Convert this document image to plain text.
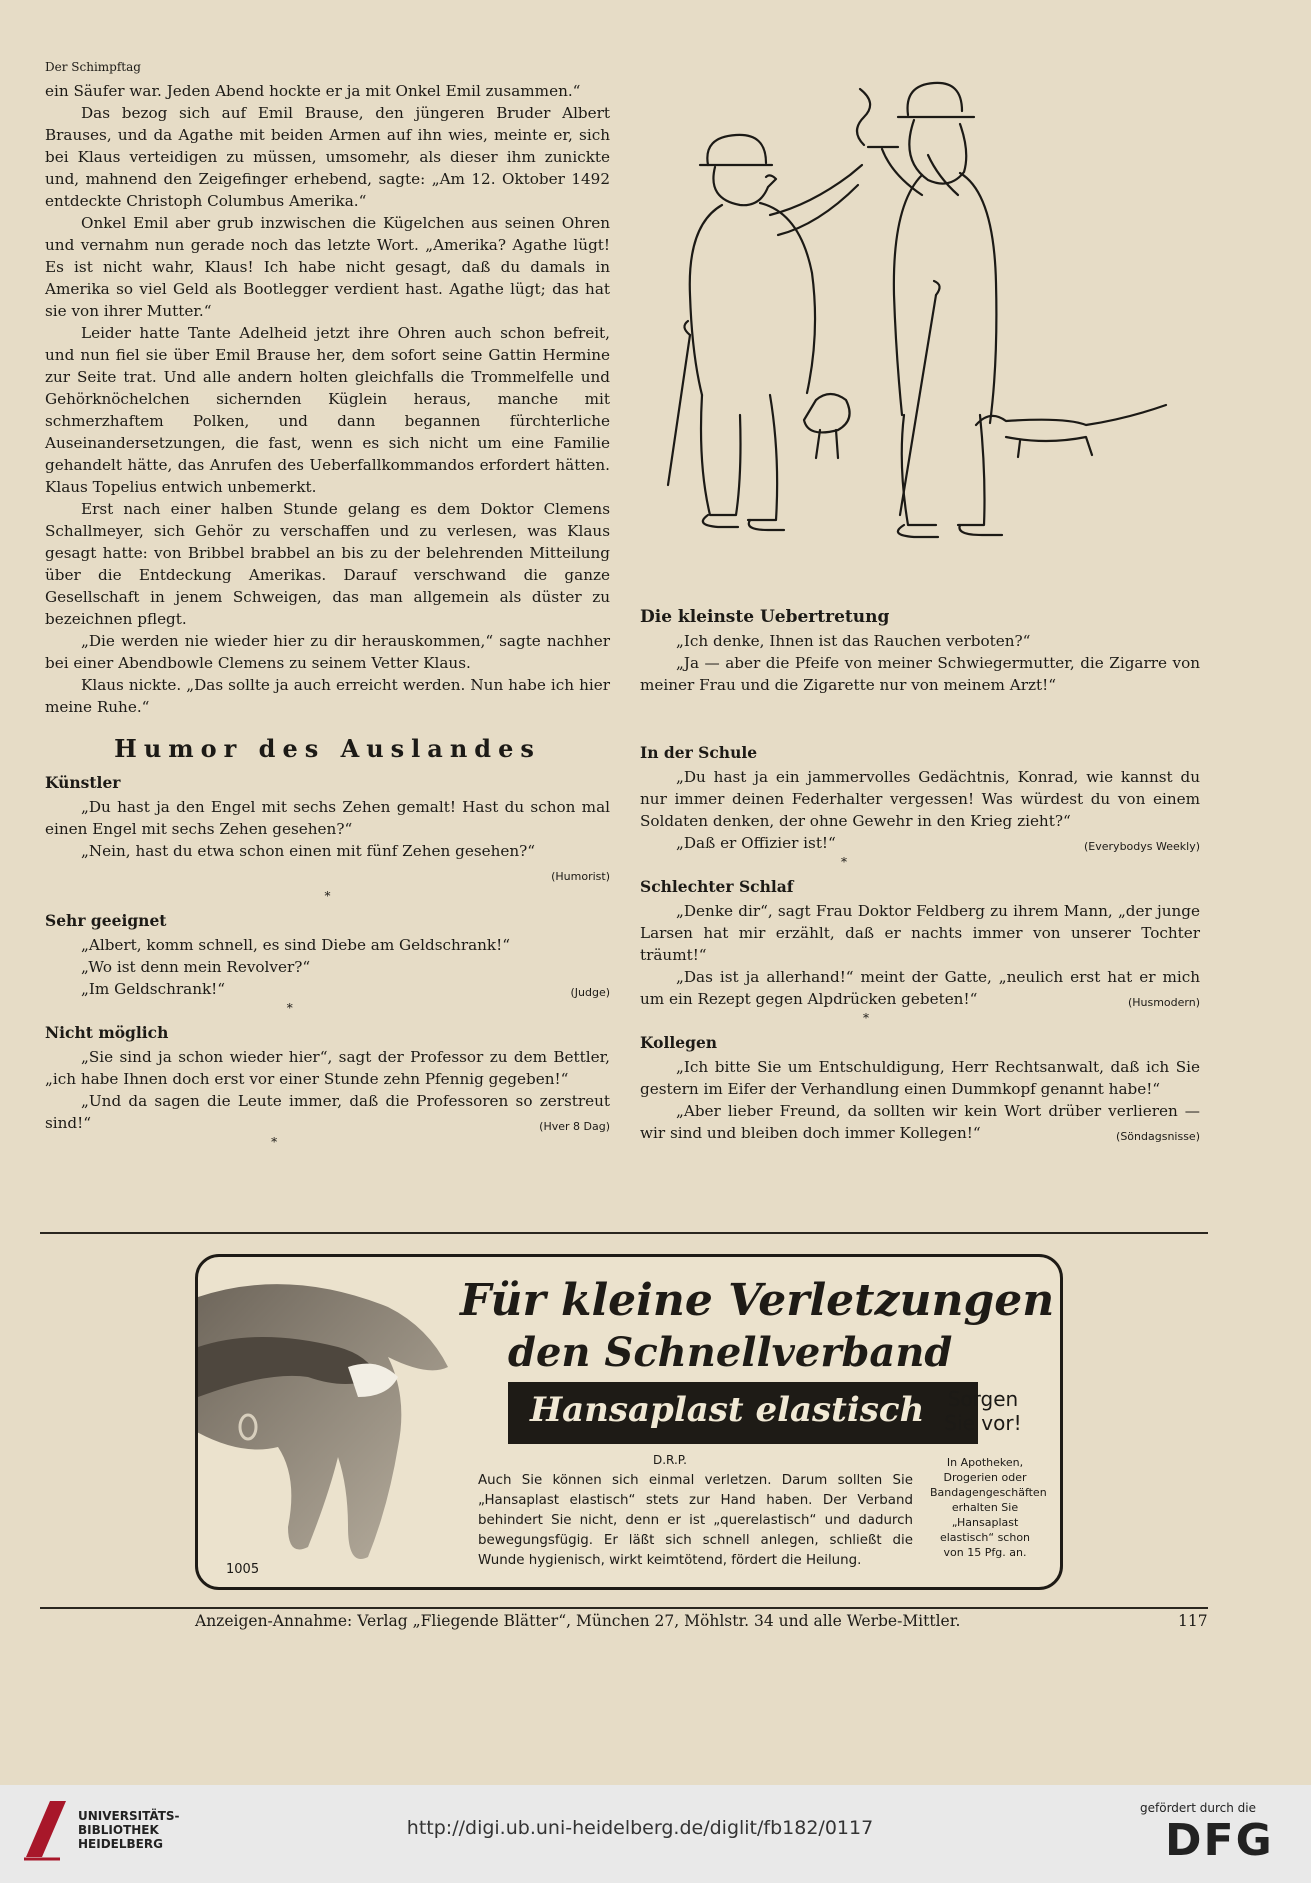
Der Schimpftag

ein Säufer war. Jeden Abend hockte er ja mit Onkel Emil zusammen.“

Das bezog sich auf Emil Brause, den jüngeren Bruder Albert Brauses, und da Agathe mit beiden Armen auf ihn wies, meinte er, sich bei Klaus verteidigen zu müssen, umsomehr, als dieser ihm zunickte und, mahnend den Zeigefinger erhebend, sagte: „Am 12. Oktober 1492 entdeckte Christoph Columbus Amerika.“

Onkel Emil aber grub inzwischen die Kügelchen aus seinen Ohren und vernahm nun gerade noch das letzte Wort. „Amerika? Agathe lügt! Es ist nicht wahr, Klaus! Ich habe nicht gesagt, daß du damals in Amerika so viel Geld als Bootlegger verdient hast. Agathe lügt; das hat sie von ihrer Mutter.“

Leider hatte Tante Adelheid jetzt ihre Ohren auch schon befreit, und nun fiel sie über Emil Brause her, dem sofort seine Gattin Hermine zur Seite trat. Und alle andern holten gleichfalls die Trommelfelle und Gehörknöchelchen sichernden Küglein heraus, manche mit schmerzhaftem Polken, und dann begannen fürchterliche Auseinandersetzungen, die fast, wenn es sich nicht um eine Familie gehandelt hätte, das Anrufen des Ueberfallkommandos erfordert hätten. Klaus Topelius entwich unbemerkt.

Erst nach einer halben Stunde gelang es dem Doktor Clemens Schallmeyer, sich Gehör zu verschaffen und zu verlesen, was Klaus gesagt hatte: von Bribbel brabbel an bis zu der belehrenden Mitteilung über die Entdeckung Amerikas. Darauf verschwand die ganze Gesellschaft in jenem Schweigen, das man allgemein als düster zu bezeichnen pflegt.

„Die werden nie wieder hier zu dir herauskommen,“ sagte nachher bei einer Abendbowle Clemens zu seinem Vetter Klaus.

Klaus nickte. „Das sollte ja auch erreicht werden. Nun habe ich hier meine Ruhe.“

Humor des Auslandes
Künstler

„Du hast ja den Engel mit sechs Zehen gemalt! Hast du schon mal einen Engel mit sechs Zehen gesehen?“

„Nein, hast du etwa schon einen mit fünf Zehen gesehen?“

(Humorist)
*
Sehr geeignet

„Albert, komm schnell, es sind Diebe am Geldschrank!“

„Wo ist denn mein Revolver?“

„Im Geldschrank!“	(Judge)

*
Nicht möglich

„Sie sind ja schon wieder hier“, sagt der Professor zu dem Bettler, „ich habe Ihnen doch erst vor einer Stunde zehn Pfennig gegeben!“

„Und da sagen die Leute immer, daß die Professoren so zerstreut sind!“	(Hver 8 Dag)

*
Die kleinste Uebertretung

„Ich denke, Ihnen ist das Rauchen verboten?“

„Ja — aber die Pfeife von meiner Schwiegermutter, die Zigarre von meiner Frau und die Zigarette nur von meinem Arzt!“

In der Schule

„Du hast ja ein jammervolles Gedächtnis, Konrad, wie kannst du nur immer deinen Federhalter vergessen! Was würdest du von einem Soldaten denken, der ohne Gewehr in den Krieg zieht?“

„Daß er Offizier ist!“	(Everybodys Weekly)

*
Schlechter Schlaf

„Denke dir“, sagt Frau Doktor Feldberg zu ihrem Mann, „der junge Larsen hat mir erzählt, daß er nachts immer von unserer Tochter träumt!“

„Das ist ja allerhand!“ meint der Gatte, „neulich erst hat er mich um ein Rezept gegen Alpdrücken gebeten!“	(Husmodern)

*
Kollegen

„Ich bitte Sie um Entschuldigung, Herr Rechtsanwalt, daß ich Sie gestern im Eifer der Verhandlung einen Dummkopf genannt habe!“

„Aber lieber Freund, da sollten wir kein Wort drüber verlieren — wir sind und bleiben doch immer Kollegen!“	(Söndagsnisse)

Für kleine Verletzungen
den Schnellverband
Hansaplast elastisch
D.R.P.
Auch Sie können sich einmal verletzen. Darum sollten Sie „Hansaplast elastisch“ stets zur Hand haben. Der Verband behindert Sie nicht, denn er ist „querelastisch“ und dadurch bewegungsfügig. Er läßt sich schnell anlegen, schließt die Wunde hygienisch, wirkt keimtötend, fördert die Heilung.
Sorgen Sie vor!
In Apotheken, Drogerien oder Bandagengeschäften erhalten Sie „Hansaplast elastisch“ schon von 15 Pfg. an.
1005
Anzeigen-Annahme: Verlag „Fliegende Blätter“, München 27, Möhlstr. 34 und alle Werbe-Mittler.	117
UNIVERSITÄTS-
BIBLIOTHEK
HEIDELBERG
http://digi.ub.uni-heidelberg.de/diglit/fb182/0117
gefördert durch die
DFG
